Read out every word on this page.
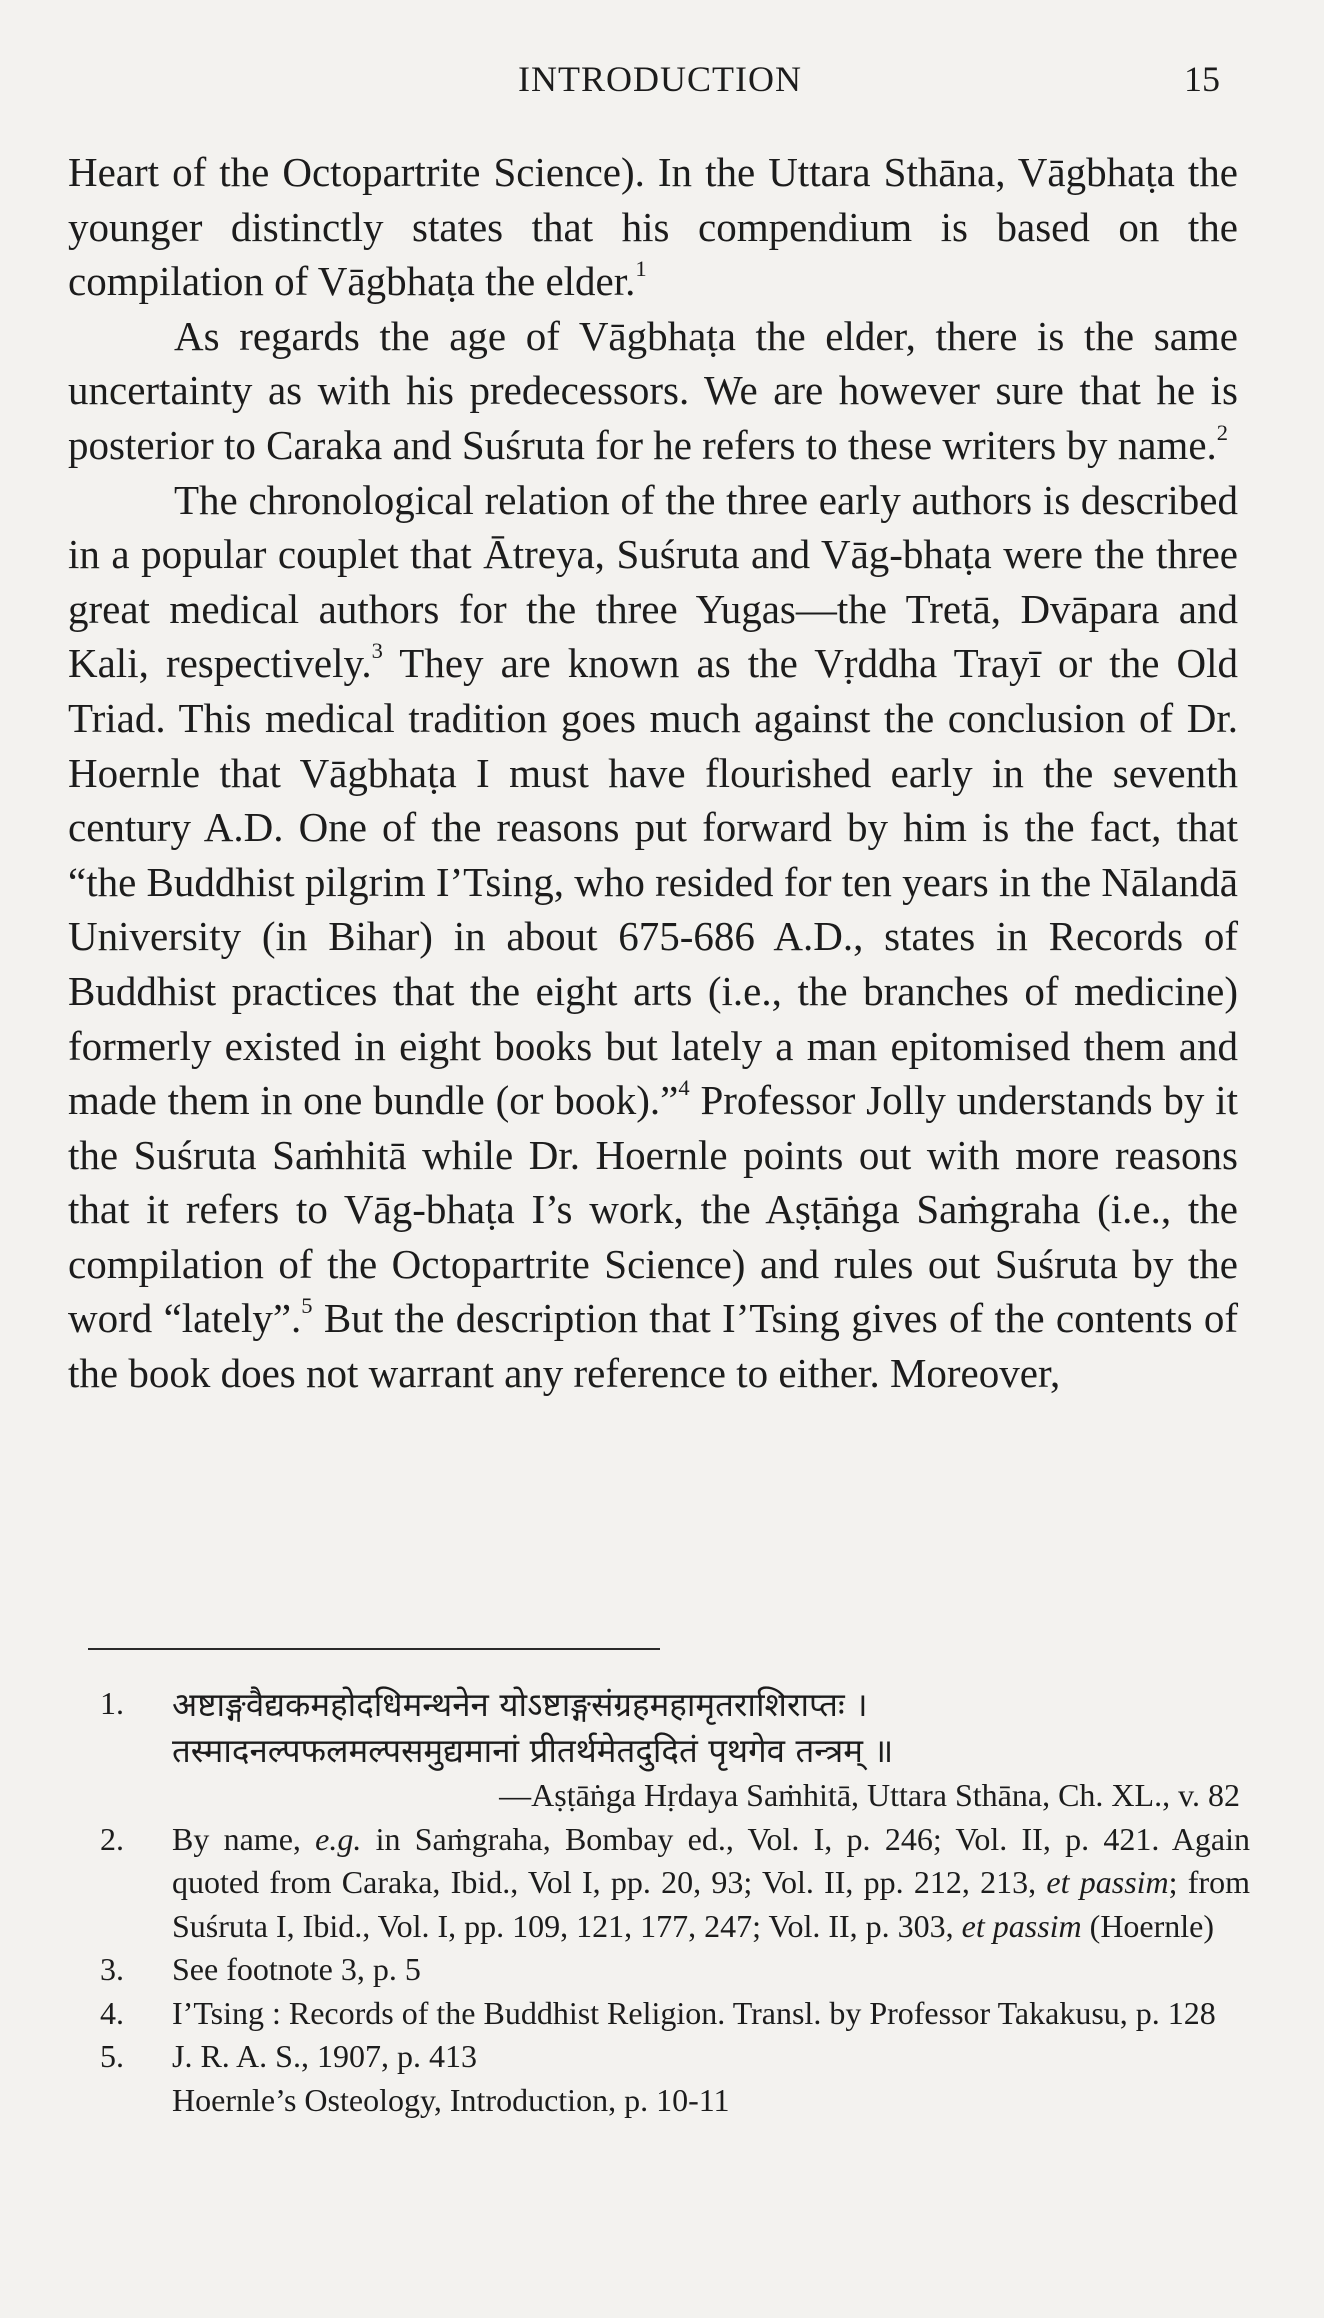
INTRODUCTION	15

Heart of the Octopartrite Science). In the Uttara Sthāna, Vāgbhaṭa the younger distinctly states that his compendium is based on the compilation of Vāgbhaṭa the elder.$^1$

As regards the age of Vāgbhaṭa the elder, there is the same uncertainty as with his predecessors. We are however sure that he is posterior to Caraka and Suśruta for he refers to these writers by name.$^2$

The chronological relation of the three early authors is described in a popular couplet that Ātreya, Suśruta and Vāg-bhaṭa were the three great medical authors for the three Yugas—the Tretā, Dvāpara and Kali, respectively.$^3$ They are known as the Vṛddha Trayī or the Old Triad. This medical tradition goes much against the conclusion of Dr. Hoernle that Vāgbhaṭa I must have flourished early in the seventh century A.D. One of the reasons put forward by him is the fact, that “the Buddhist pilgrim I’Tsing, who resided for ten years in the Nālandā University (in Bihar) in about 675-686 A.D., states in Records of Buddhist practices that the eight arts (i.e., the branches of medicine) formerly existed in eight books but lately a man epitomised them and made them in one bundle (or book).”$^4$ Professor Jolly understands by it the Suśruta Saṁhitā while Dr. Hoernle points out with more reasons that it refers to Vāg-bhaṭa I’s work, the Aṣṭāṅga Saṁgraha (i.e., the compilation of the Octopartrite Science) and rules out Suśruta by the word “lately”.$^5$ But the description that I’Tsing gives of the contents of the book does not warrant any reference to either. Moreover,

1.	अष्टाङ्गवैद्यकमहोदधिमन्थनेन योऽष्टाङ्गसंग्रहमहामृतराशिराप्तः ।
तस्मादनल्पफलमल्पसमुद्यमानां प्रीतर्थमेतदुदितं पृथगेव तन्त्रम् ॥
—Aṣṭāṅga Hṛdaya Saṁhitā, Uttara Sthāna, Ch. XL., v. 82
2.	By name, e.g. in Saṁgraha, Bombay ed., Vol. I, p. 246; Vol. II, p. 421. Again quoted from Caraka, Ibid., Vol I, pp. 20, 93; Vol. II, pp. 212, 213, et passim; from Suśruta I, Ibid., Vol. I, pp. 109, 121, 177, 247; Vol. II, p. 303, et passim (Hoernle)
3.	See footnote 3, p. 5
4.	I’Tsing : Records of the Buddhist Religion. Transl. by Professor Takakusu, p. 128
5.	J. R. A. S., 1907, p. 413
Hoernle’s Osteology, Introduction, p. 10-11
